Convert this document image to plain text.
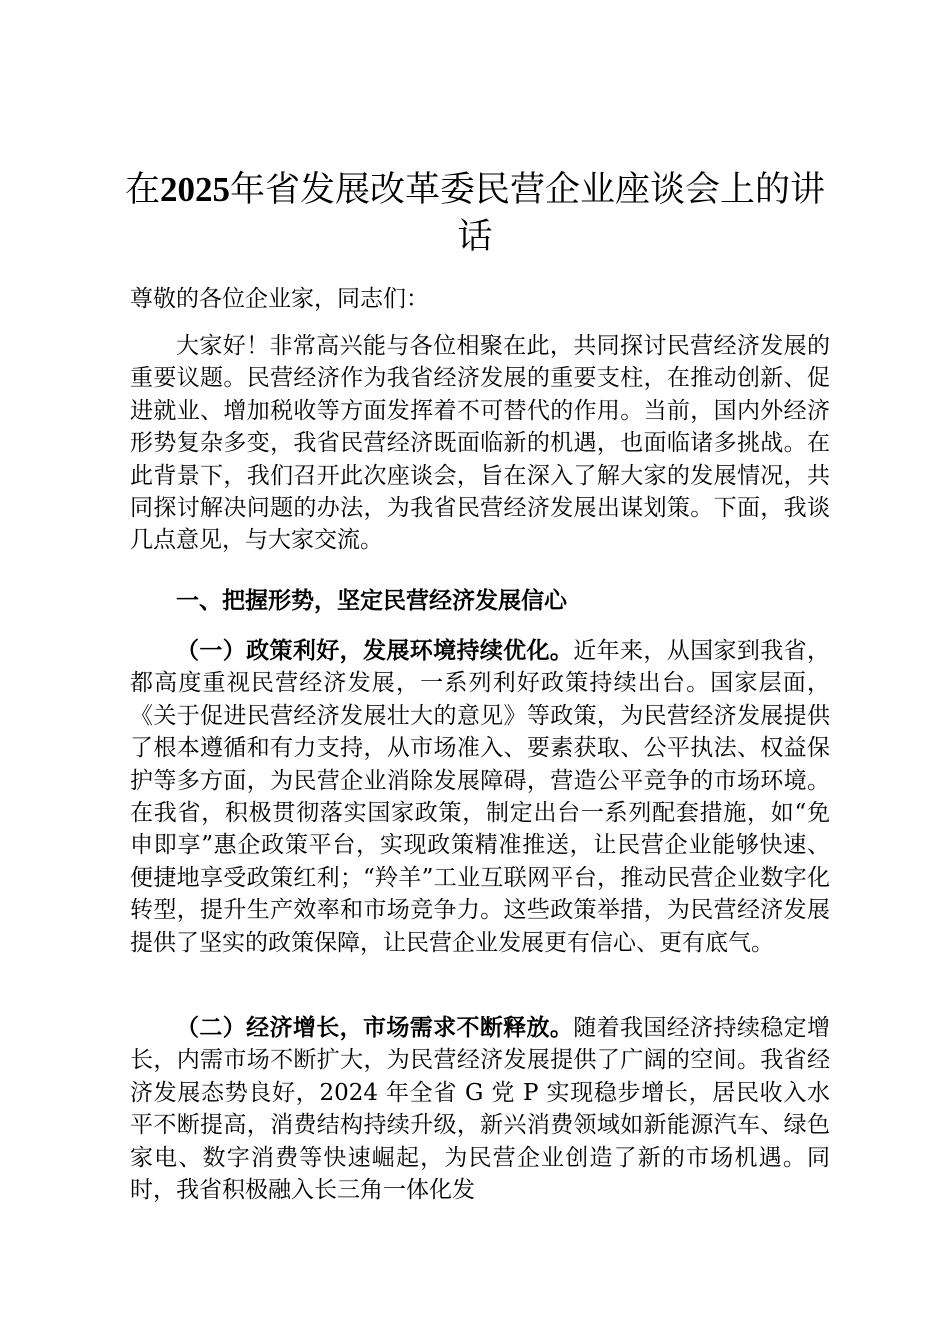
在2025年省发展改革委民营企业座谈会上的讲话

尊敬的各位企业家，同志们：

大家好！非常高兴能与各位相聚在此，共同探讨民营经济发展的重要议题。民营经济作为我省经济发展的重要支柱，在推动创新、促进就业、增加税收等方面发挥着不可替代的作用。当前，国内外经济形势复杂多变，我省民营经济既面临新的机遇，也面临诸多挑战。在此背景下，我们召开此次座谈会，旨在深入了解大家的发展情况，共同探讨解决问题的办法，为我省民营经济发展出谋划策。下面，我谈几点意见，与大家交流。

一、把握形势，坚定民营经济发展信心

（一）政策利好，发展环境持续优化。近年来，从国家到我省，都高度重视民营经济发展，一系列利好政策持续出台。国家层面，《关于促进民营经济发展壮大的意见》等政策，为民营经济发展提供了根本遵循和有力支持，从市场准入、要素获取、公平执法、权益保护等多方面，为民营企业消除发展障碍，营造公平竞争的市场环境。在我省，积极贯彻落实国家政策，制定出台一系列配套措施，如“免申即享”惠企政策平台，实现政策精准推送，让民营企业能够快速、便捷地享受政策红利；“羚羊”工业互联网平台，推动民营企业数字化转型，提升生产效率和市场竞争力。这些政策举措，为民营经济发展提供了坚实的政策保障，让民营企业发展更有信心、更有底气。

（二）经济增长，市场需求不断释放。随着我国经济持续稳定增长，内需市场不断扩大，为民营经济发展提供了广阔的空间。我省经济发展态势良好，2024 年全省 G 党 P 实现稳步增长，居民收入水平不断提高，消费结构持续升级，新兴消费领域如新能源汽车、绿色家电、数字消费等快速崛起，为民营企业创造了新的市场机遇。同时，我省积极融入长三角一体化发
